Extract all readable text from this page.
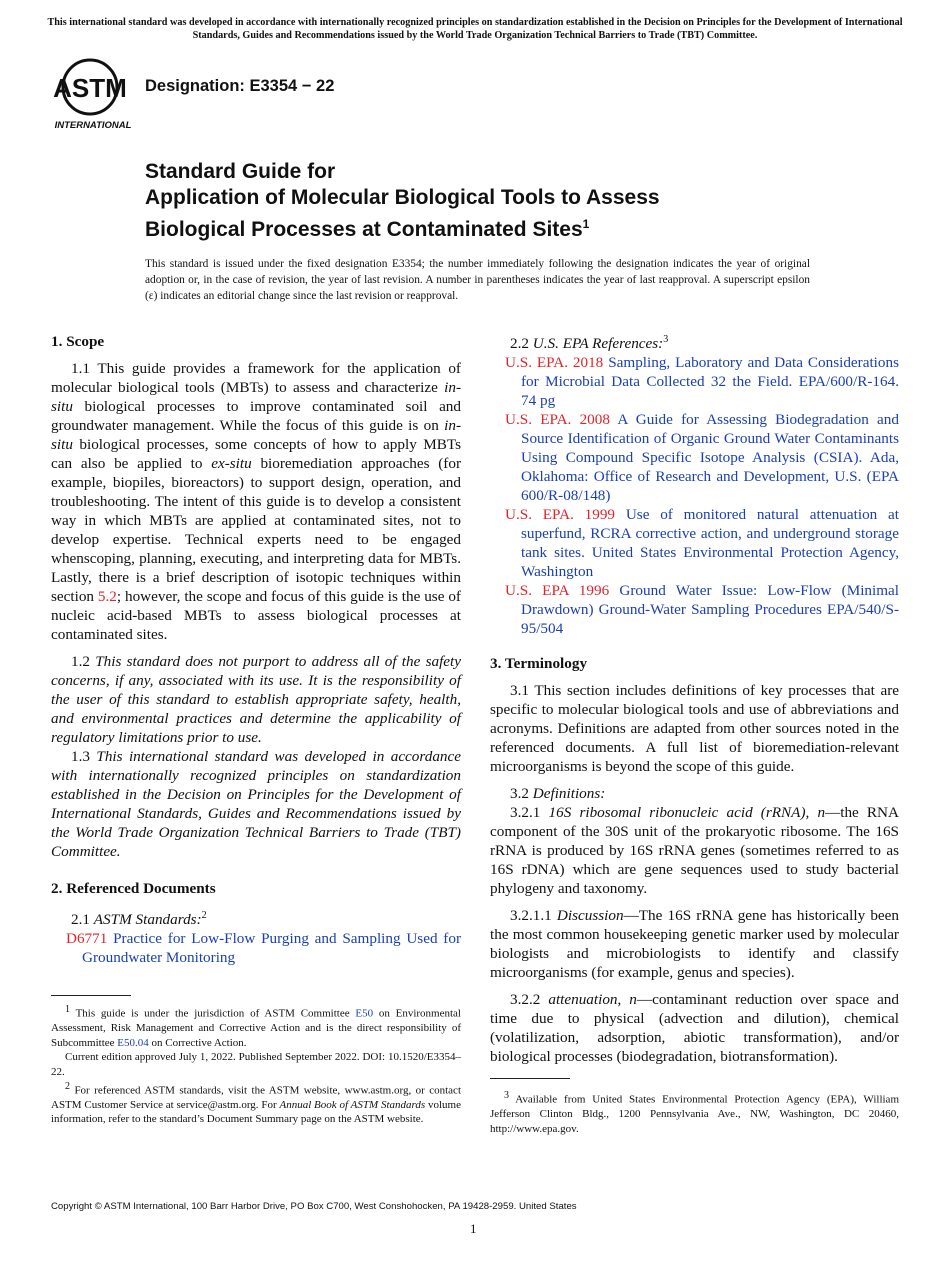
This international standard was developed in accordance with internationally recognized principles on standardization established in the Decision on Principles for the Development of International Standards, Guides and Recommendations issued by the World Trade Organization Technical Barriers to Trade (TBT) Committee.
ASTM
INTERNATIONAL
Designation: E3354 − 22
Standard Guide for
Application of Molecular Biological Tools to Assess
Biological Processes at Contaminated Sites$^1$
This standard is issued under the fixed designation E3354; the number immediately following the designation indicates the year of original adoption or, in the case of revision, the year of last revision. A number in parentheses indicates the year of last reapproval. A superscript epsilon (ε) indicates an editorial change since the last revision or reapproval.
1. Scope

1.1 This guide provides a framework for the application of molecular biological tools (MBTs) to assess and characterize in-situ biological processes to improve contaminated soil and groundwater management. While the focus of this guide is on in-situ biological processes, some concepts of how to apply MBTs can also be applied to ex-situ bioremediation approaches (for example, biopiles, bioreactors) to support design, operation, and troubleshooting. The intent of this guide is to develop a consistent way in which MBTs are applied at contaminated sites, not to develop expertise. Technical experts need to be engaged whenscoping, planning, executing, and interpreting data for MBTs. Lastly, there is a brief description of isotopic techniques within section 5.2; however, the scope and focus of this guide is the use of nucleic acid-based MBTs to assess biological processes at contaminated sites.

1.2 This standard does not purport to address all of the safety concerns, if any, associated with its use. It is the responsibility of the user of this standard to establish appropriate safety, health, and environmental practices and determine the applicability of regulatory limitations prior to use.

1.3 This international standard was developed in accordance with internationally recognized principles on standardization established in the Decision on Principles for the Development of International Standards, Guides and Recommendations issued by the World Trade Organization Technical Barriers to Trade (TBT) Committee.

2. Referenced Documents

2.1 ASTM Standards:$^2$

D6771 Practice for Low-Flow Purging and Sampling Used for Groundwater Monitoring

2.2 U.S. EPA References:$^3$

U.S. EPA. 2018 Sampling, Laboratory and Data Considerations for Microbial Data Collected 32 the Field. EPA/600/R-164. 74 pg

U.S. EPA. 2008 A Guide for Assessing Biodegradation and Source Identification of Organic Ground Water Contaminants Using Compound Specific Isotope Analysis (CSIA). Ada, Oklahoma: Office of Research and Development, U.S. (EPA 600/R-08/148)

U.S. EPA. 1999 Use of monitored natural attenuation at superfund, RCRA corrective action, and underground storage tank sites. United States Environmental Protection Agency, Washington

U.S. EPA 1996 Ground Water Issue: Low-Flow (Minimal Drawdown) Ground-Water Sampling Procedures EPA/540/S-95/504

3. Terminology

3.1 This section includes definitions of key processes that are specific to molecular biological tools and use of abbreviations and acronyms. Definitions are adapted from other sources noted in the referenced documents. A full list of bioremediation-relevant microorganisms is beyond the scope of this guide.

3.2 Definitions:

3.2.1 16S ribosomal ribonucleic acid (rRNA), n—the RNA component of the 30S unit of the prokaryotic ribosome. The 16S rRNA is produced by 16S rRNA genes (sometimes referred to as 16S rDNA) which are gene sequences used to study bacterial phylogeny and taxonomy.

3.2.1.1 Discussion—The 16S rRNA gene has historically been the most common housekeeping genetic marker used by molecular biologists and microbiologists to identify and classify microorganisms (for example, genus and species).

3.2.2 attenuation, n—contaminant reduction over space and time due to physical (advection and dilution), chemical (volatilization, adsorption, abiotic transformation), and/or biological processes (biodegradation, biotransformation).

$^1$ This guide is under the jurisdiction of ASTM Committee E50 on Environmental Assessment, Risk Management and Corrective Action and is the direct responsibility of Subcommittee E50.04 on Corrective Action.

Current edition approved July 1, 2022. Published September 2022. DOI: 10.1520/E3354–22.

$^2$ For referenced ASTM standards, visit the ASTM website, www.astm.org, or contact ASTM Customer Service at service@astm.org. For Annual Book of ASTM Standards volume information, refer to the standard’s Document Summary page on the ASTM website.

$^3$ Available from United States Environmental Protection Agency (EPA), William Jefferson Clinton Bldg., 1200 Pennsylvania Ave., NW, Washington, DC 20460, http://www.epa.gov.

Copyright © ASTM International, 100 Barr Harbor Drive, PO Box C700, West Conshohocken, PA 19428-2959. United States
1
